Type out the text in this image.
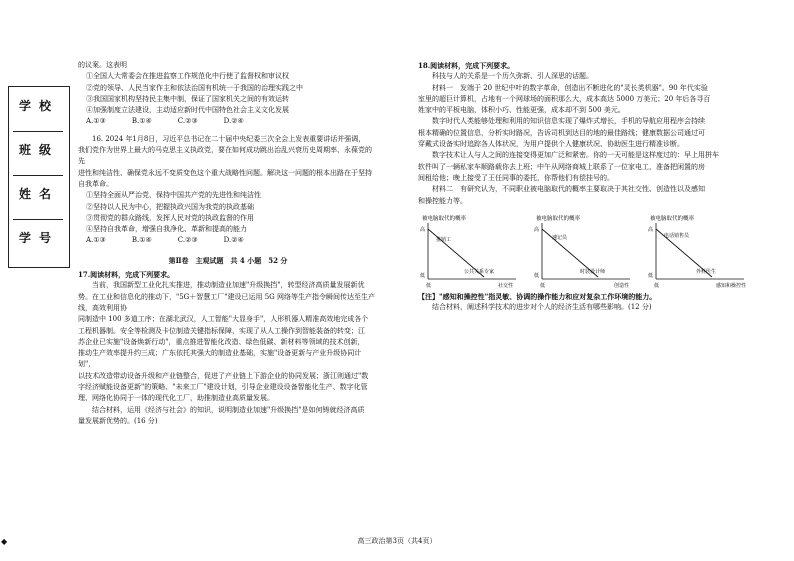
学校
班级
姓名
学号

的议案。这表明

①全国人大常委会在推进监察工作规范化中行使了监督权和审议权

②党的领导、人民当家作主和依法治国有机统一于我国的治理实践之中

③我国国家机构坚持民主集中制，保证了国家机关之间的有效运转

④加强制度立法建设，主动适应新时代中国特色社会主义文化发展

A.①③	B.①④	C.②③	D.②④

16. 2024 年1月8日，习近平总书记在二十届中央纪委三次全会上发表重要讲话并强调，

我们党作为世界上最大的马克思主义执政党，要在如何成功跳出治乱兴衰历史周期率、永葆党的先

进性和纯洁性、确保党永远不变质变色这个重大战略性问题。解决这一问题的根本出路在于坚持

自我革命。

①坚持全面从严治党，保持中国共产党的先进性和纯洁性

②坚持以人民为中心，把握执政兴国为我党的执政基础

③贯彻党的群众路线，发挥人民对党的执政监督的作用

④坚持自我革命，增强自我净化、革新和提高的能力

A.①③	B.①④	C.②③	D.②④

第Ⅱ卷　主观试题　共 4 小题　52 分

17.阅读材料，完成下列要求。

当前，我国新型工业化扎实推进，推动制造业加速"升级换挡"，转型经济高质量发展新优

势。在工业和信息化的推动下，"5G＋智慧工厂"建设已运用 5G 网络等生产指令瞬间传达至生产线，高效利用协

同制造中 100 多道工序；在湖北武汉，人工智能"大显身手"，人形机器人精准高效地完成各个

工程机器制。安全等检测及卡位制造关键指标保障，实现了从人工操作到智能装备的转变；江

苏企业已实施"设备焕新行动"，重点推进智能化改造、绿色低碳、新材料等领域的技术创新，

推动生产效率提升约三成；广东依托其强大的制造业基础，实施"设备更新与产业升级协同计划"，

以技术改造带动设备升级和产业链整合，促进了产业链上下游企业的协同发展；浙江则通过"数

字经济赋能设备更新"的策略、"未来工厂"建设计划，引导企业建设设备智能化生产、数字化管

理、网络化协同于一体的现代化工厂，助推制造业高质量发展。

结合材料，运用《经济与社会》的知识，说明制造业加速"升级换挡"是如何铸就经济高质

量发展新优势的。(16 分)

18.阅读材料，完成下列要求。

科技与人的关系是一个历久弥新、引人深思的话题。

材料一　发端于 20 世纪中叶的数字革命，创造出不断进化的"灵长类机器"。90 年代实验

室里的超巨计算机，占地有一个网球场的面积那么大，成本高达 5000 万美元；20 年后各寻百

姓家中的平板电脑，体积小巧、性能更强，成本却不到 500 美元。

数字时代人类能够处理和利用的知识信息实现了爆炸式增长，手机的导航应用程序会持续

根本精确的位置信息，分析实时路况，告诉司机到达目的地的最佳路线；健康数据公司通过可

穿戴式设备实时追踪各人体状况，为用户提供个人健康状况、协助医生进行精准诊断。

数字技术让人与人之间的连接变得更加广泛和紧密。你的一天可能是这样度过的：早上用拼车

软件叫了一辆私家车顺路载你去上班；中午从网络商城上联系了一位家电工，准备把闲置的房

间租给他；晚上接受了王任同事的委托，你帮他们有偿挂号的。

材料二　有研究认为，不同职业被电脑取代的概率主要取决于其社交性、创造性以及感知

和操控能力等。

被电脑取代的概率
高
低
推销工
低
公共关系专家
社交性
被电脑取代的概率
高
低
速记员
低
时装设计师
创造性
被电脑取代的概率
高
低
电话销售员
低
外科医生
感知和操控性

【注】"感知和操控性"指灵敏、协调的操作能力和应对复杂工作环境的能力。

结合材料，阐述科学技术的进步对个人的经济生活有哪些影响。(12 分)

高三政治第3页（共4页）
◆
